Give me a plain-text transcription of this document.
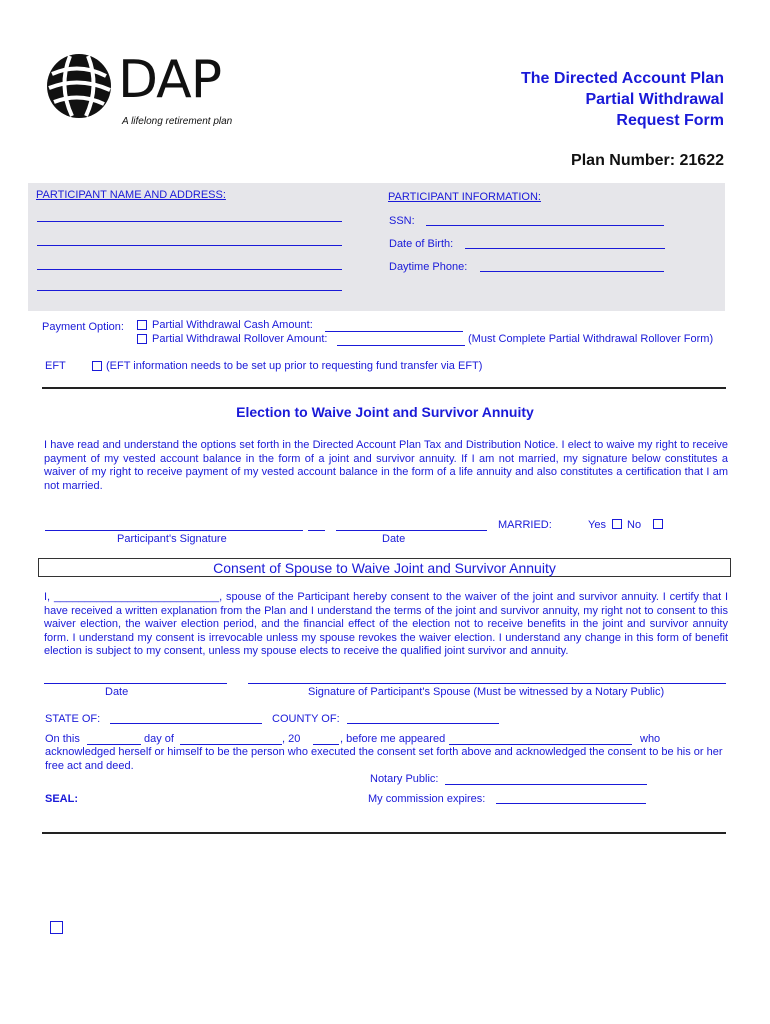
DAP
A lifelong retirement plan
The Directed Account Plan
Partial Withdrawal
Request Form
Plan Number: 21622
PARTICIPANT NAME AND ADDRESS:	PARTICIPANT INFORMATION:
SSN:
Date of Birth:
Daytime Phone:
Payment Option:	Partial Withdrawal Cash Amount:
Partial Withdrawal Rollover Amount:	(Must Complete Partial Withdrawal Rollover Form)
EFT	(EFT information needs to be set up prior to requesting fund transfer via EFT)
Election to Waive Joint and Survivor Annuity
I have read and understand the options set forth in the Directed Account Plan Tax and Distribution Notice. I elect to waive my right to receive payment of my vested account balance in the form of a joint and survivor annuity. If I am not married, my signature below constitutes a waiver of my right to receive payment of my vested account balance in the form of a life annuity and also constitutes a certification that I am not married.
Participant's Signature	Date
MARRIED:	Yes No
Consent of Spouse to Waive Joint and Survivor Annuity
I, ___________________________, spouse of the Participant hereby consent to the waiver of the joint and survivor annuity. I certify that I have received a written explanation from the Plan and I understand the terms of the joint and survivor annuity, my right not to consent to this waiver election, the waiver election period, and the financial effect of the election not to receive benefits in the joint and survivor annuity form. I understand my consent is irrevocable unless my spouse revokes the waiver election. I understand any change in this form of benefit election is subject to my consent, unless my spouse elects to receive the qualified joint survivor and annuity.
Date	Signature of Participant's Spouse (Must be witnessed by a Notary Public)
STATE OF:	COUNTY OF:
On this	day of	, 20	, before me appeared	who
acknowledged herself or himself to be the person who executed the consent set forth above and acknowledged the consent to be his or her free act and deed.
Notary Public:
SEAL:	My commission expires:
